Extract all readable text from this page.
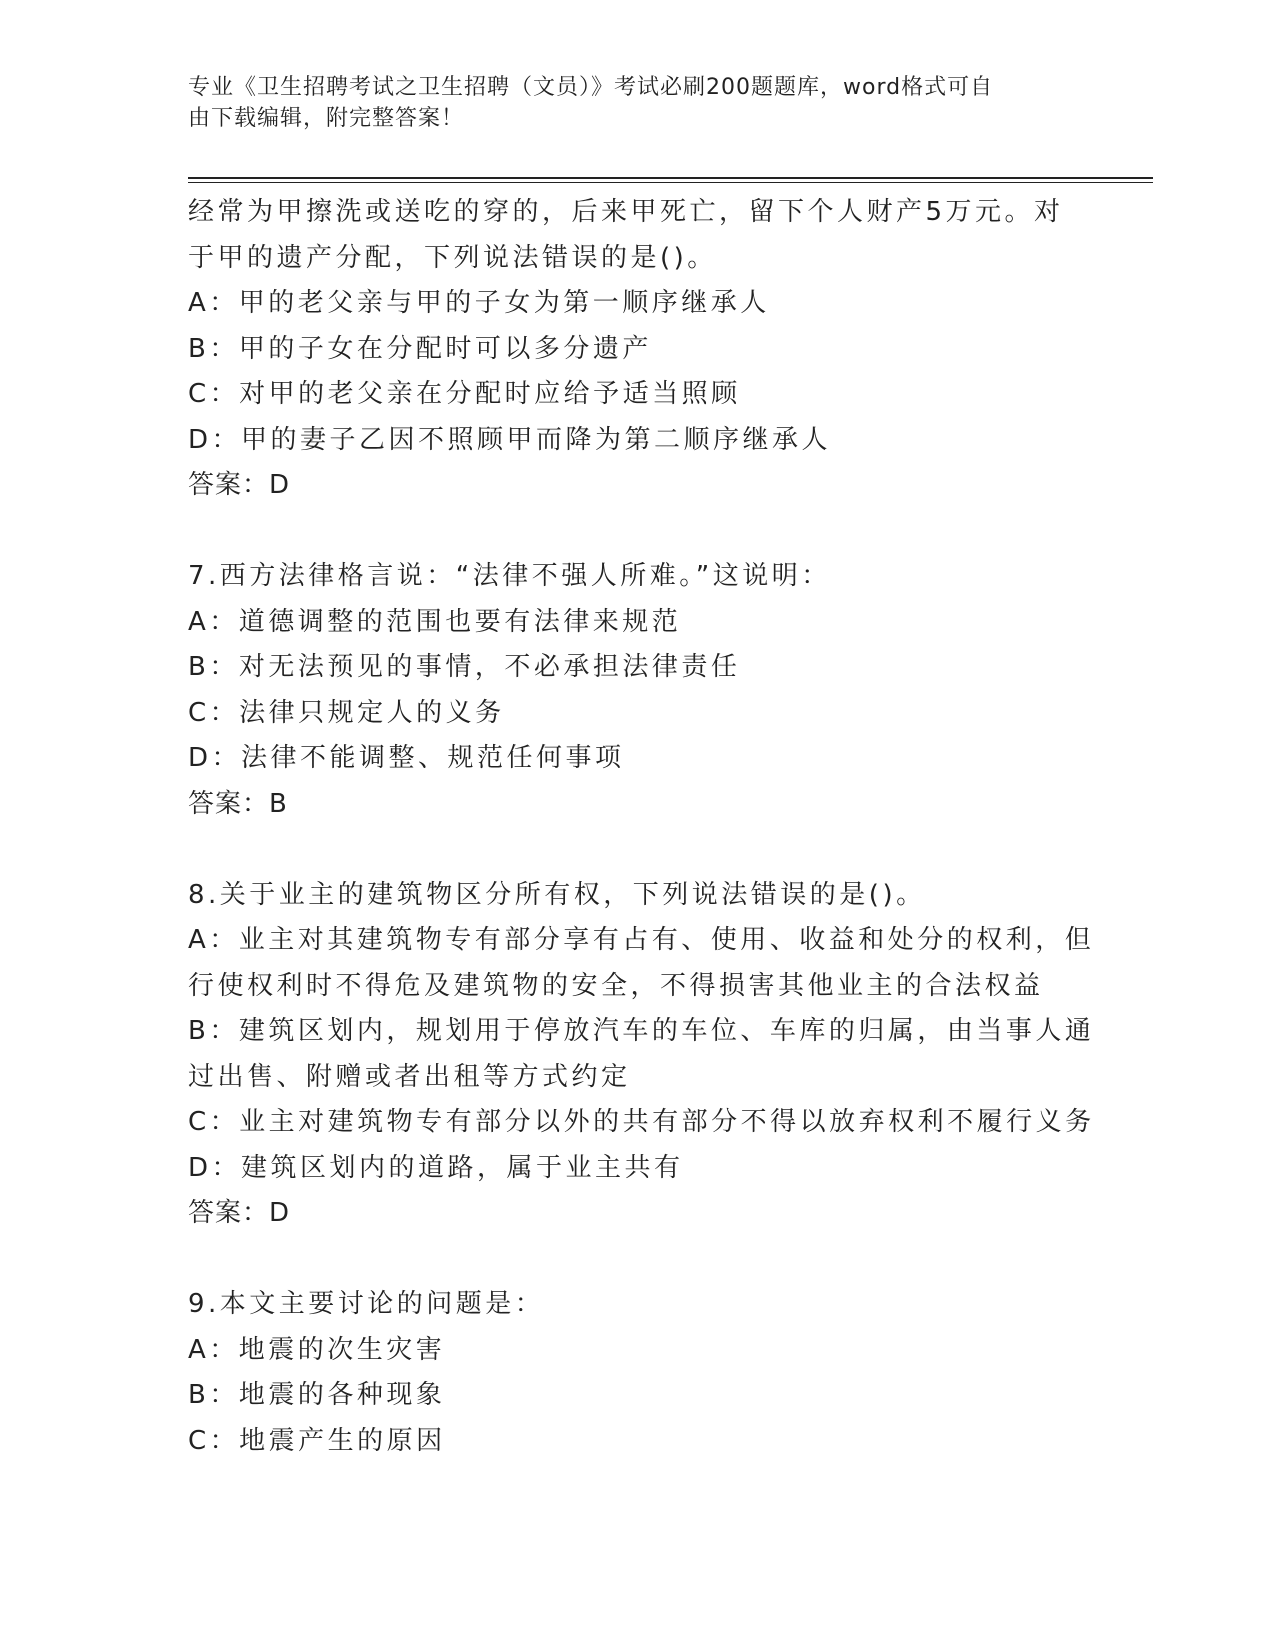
专业《卫生招聘考试之卫生招聘（文员）》考试必刷200题题库，word格式可自
由下载编辑，附完整答案！
经常为甲擦洗或送吃的穿的，后来甲死亡，留下个人财产5万元。对
于甲的遗产分配，下列说法错误的是()。
A：甲的老父亲与甲的子女为第一顺序继承人
B：甲的子女在分配时可以多分遗产
C：对甲的老父亲在分配时应给予适当照顾
D：甲的妻子乙因不照顾甲而降为第二顺序继承人
答案：D
7.西方法律格言说：“法律不强人所难。”这说明：
A：道德调整的范围也要有法律来规范
B：对无法预见的事情，不必承担法律责任
C：法律只规定人的义务
D：法律不能调整、规范任何事项
答案：B
8.关于业主的建筑物区分所有权，下列说法错误的是()。
A：业主对其建筑物专有部分享有占有、使用、收益和处分的权利，但
行使权利时不得危及建筑物的安全，不得损害其他业主的合法权益
B：建筑区划内，规划用于停放汽车的车位、车库的归属，由当事人通
过出售、附赠或者出租等方式约定
C：业主对建筑物专有部分以外的共有部分不得以放弃权利不履行义务
D：建筑区划内的道路，属于业主共有
答案：D
9.本文主要讨论的问题是：
A：地震的次生灾害
B：地震的各种现象
C：地震产生的原因
